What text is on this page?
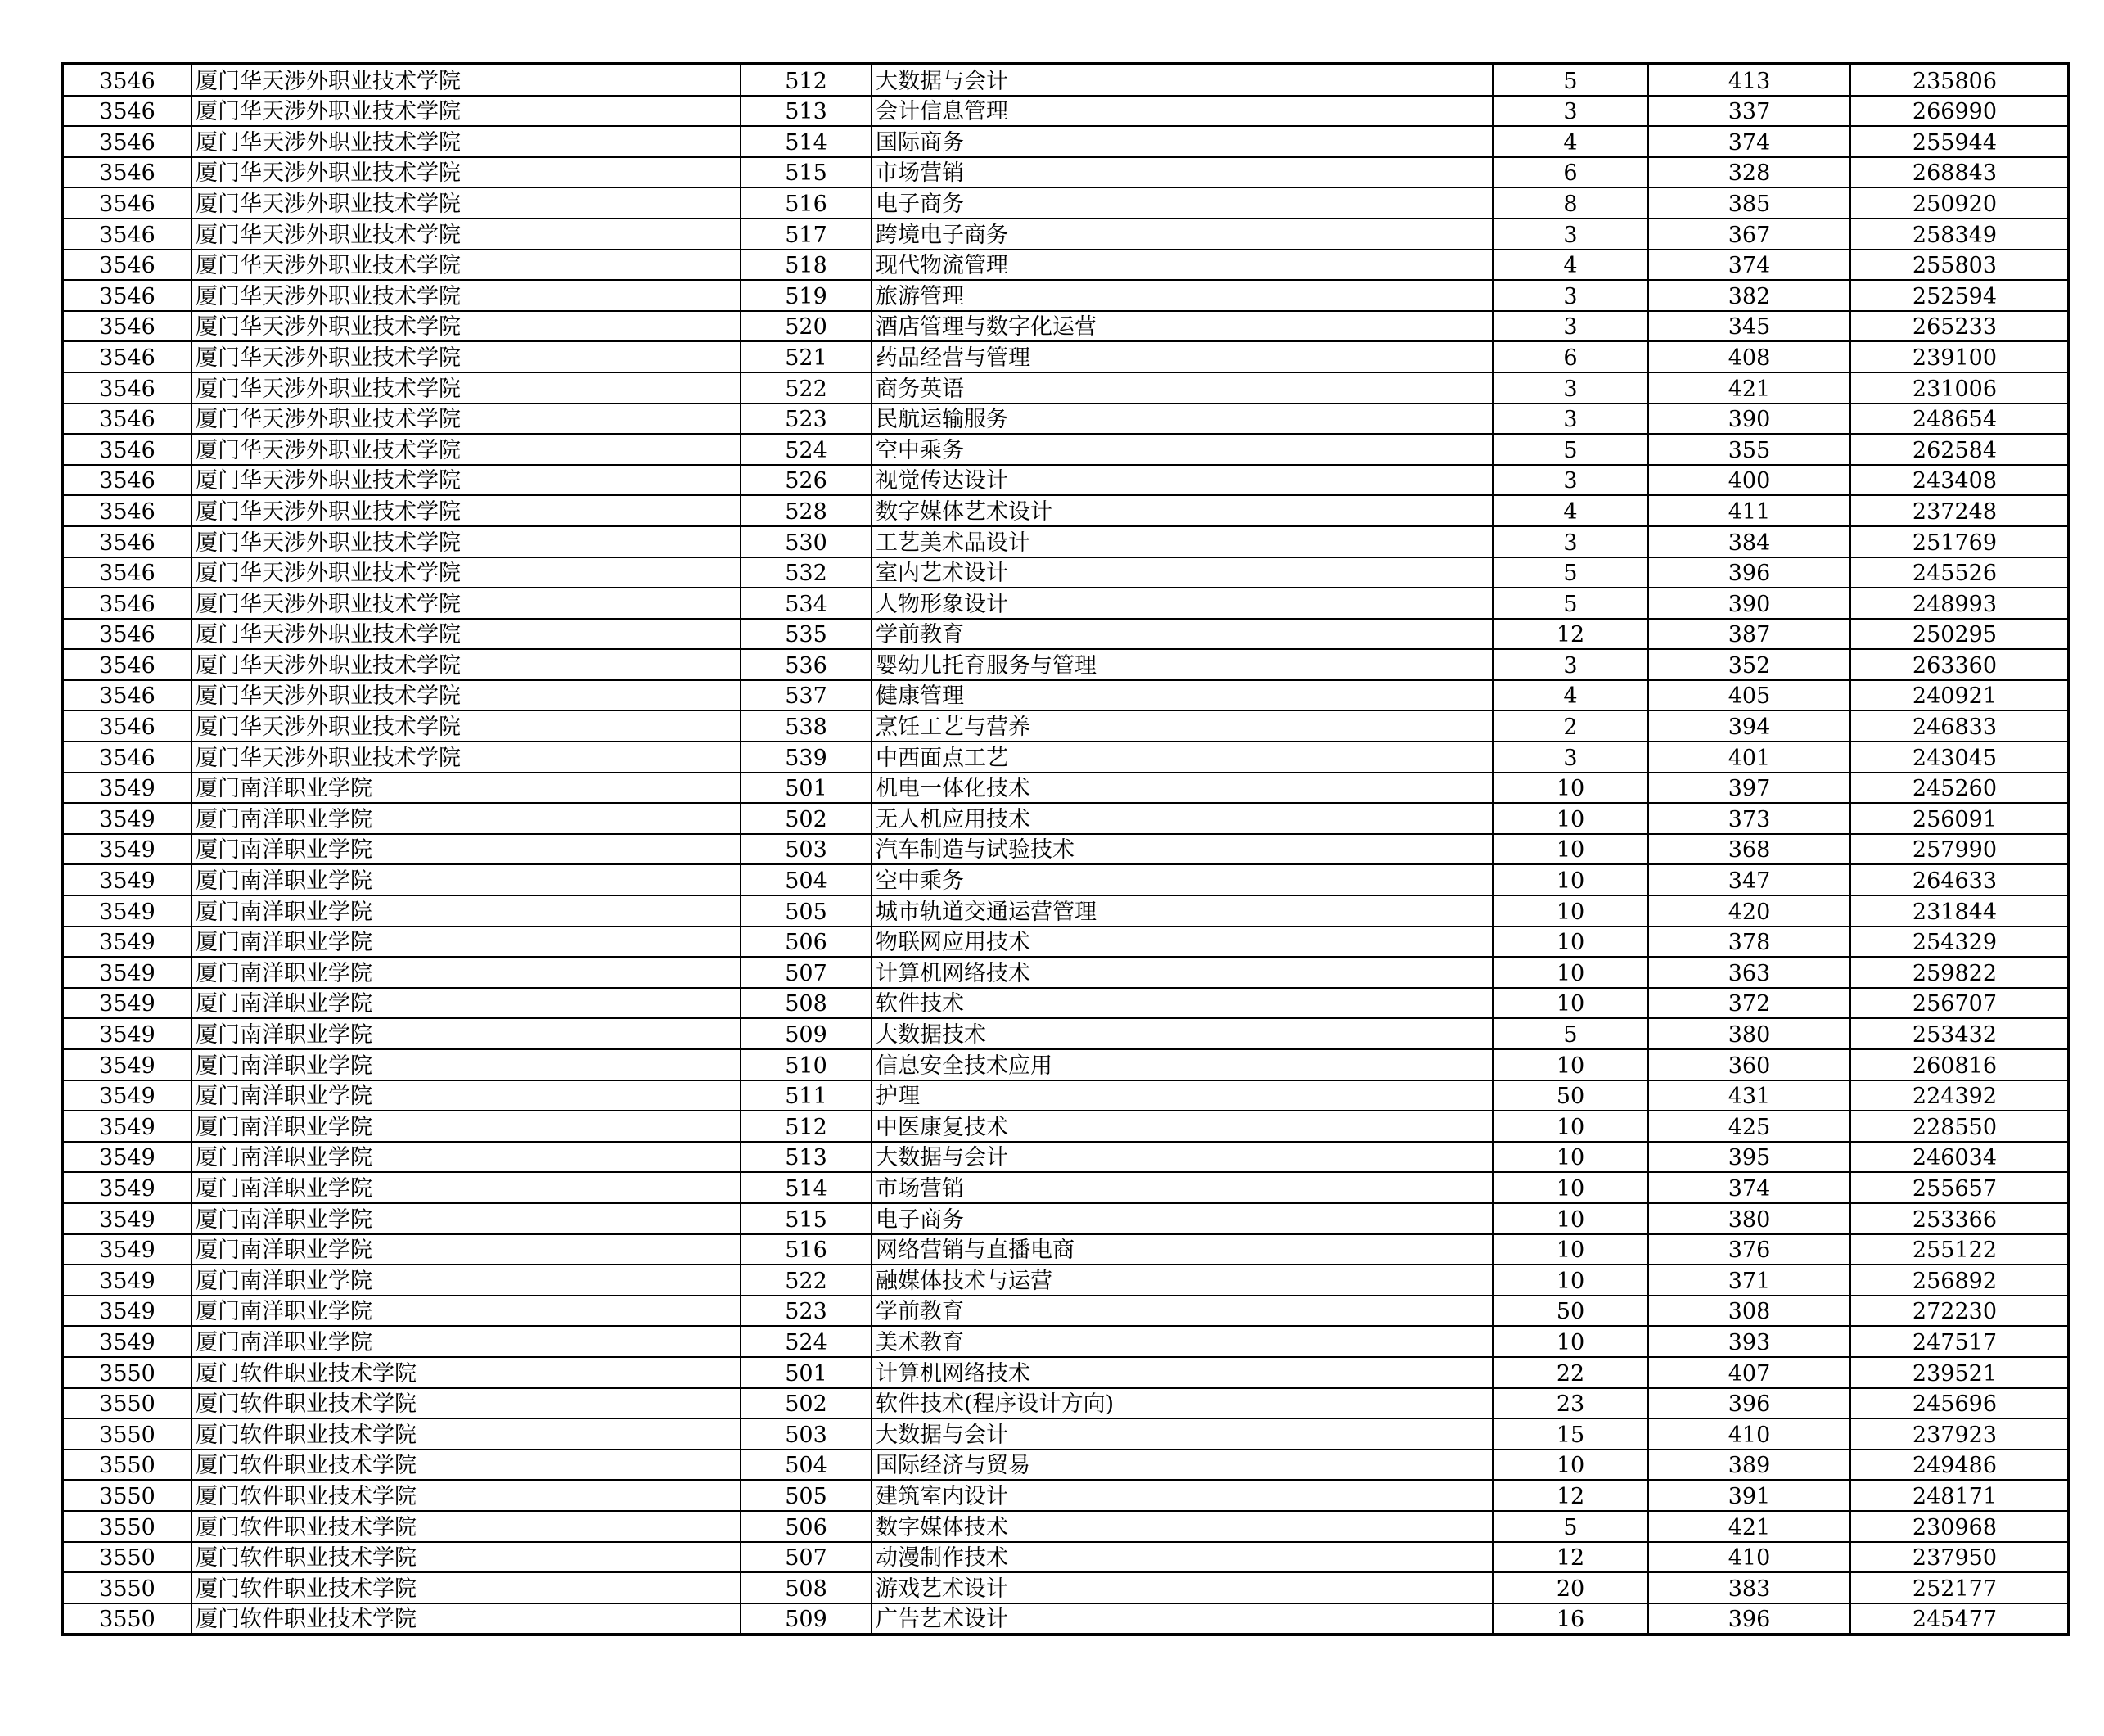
3546	厦门华天涉外职业技术学院	512	大数据与会计	5	413	235806
3546	厦门华天涉外职业技术学院	513	会计信息管理	3	337	266990
3546	厦门华天涉外职业技术学院	514	国际商务	4	374	255944
3546	厦门华天涉外职业技术学院	515	市场营销	6	328	268843
3546	厦门华天涉外职业技术学院	516	电子商务	8	385	250920
3546	厦门华天涉外职业技术学院	517	跨境电子商务	3	367	258349
3546	厦门华天涉外职业技术学院	518	现代物流管理	4	374	255803
3546	厦门华天涉外职业技术学院	519	旅游管理	3	382	252594
3546	厦门华天涉外职业技术学院	520	酒店管理与数字化运营	3	345	265233
3546	厦门华天涉外职业技术学院	521	药品经营与管理	6	408	239100
3546	厦门华天涉外职业技术学院	522	商务英语	3	421	231006
3546	厦门华天涉外职业技术学院	523	民航运输服务	3	390	248654
3546	厦门华天涉外职业技术学院	524	空中乘务	5	355	262584
3546	厦门华天涉外职业技术学院	526	视觉传达设计	3	400	243408
3546	厦门华天涉外职业技术学院	528	数字媒体艺术设计	4	411	237248
3546	厦门华天涉外职业技术学院	530	工艺美术品设计	3	384	251769
3546	厦门华天涉外职业技术学院	532	室内艺术设计	5	396	245526
3546	厦门华天涉外职业技术学院	534	人物形象设计	5	390	248993
3546	厦门华天涉外职业技术学院	535	学前教育	12	387	250295
3546	厦门华天涉外职业技术学院	536	婴幼儿托育服务与管理	3	352	263360
3546	厦门华天涉外职业技术学院	537	健康管理	4	405	240921
3546	厦门华天涉外职业技术学院	538	烹饪工艺与营养	2	394	246833
3546	厦门华天涉外职业技术学院	539	中西面点工艺	3	401	243045
3549	厦门南洋职业学院	501	机电一体化技术	10	397	245260
3549	厦门南洋职业学院	502	无人机应用技术	10	373	256091
3549	厦门南洋职业学院	503	汽车制造与试验技术	10	368	257990
3549	厦门南洋职业学院	504	空中乘务	10	347	264633
3549	厦门南洋职业学院	505	城市轨道交通运营管理	10	420	231844
3549	厦门南洋职业学院	506	物联网应用技术	10	378	254329
3549	厦门南洋职业学院	507	计算机网络技术	10	363	259822
3549	厦门南洋职业学院	508	软件技术	10	372	256707
3549	厦门南洋职业学院	509	大数据技术	5	380	253432
3549	厦门南洋职业学院	510	信息安全技术应用	10	360	260816
3549	厦门南洋职业学院	511	护理	50	431	224392
3549	厦门南洋职业学院	512	中医康复技术	10	425	228550
3549	厦门南洋职业学院	513	大数据与会计	10	395	246034
3549	厦门南洋职业学院	514	市场营销	10	374	255657
3549	厦门南洋职业学院	515	电子商务	10	380	253366
3549	厦门南洋职业学院	516	网络营销与直播电商	10	376	255122
3549	厦门南洋职业学院	522	融媒体技术与运营	10	371	256892
3549	厦门南洋职业学院	523	学前教育	50	308	272230
3549	厦门南洋职业学院	524	美术教育	10	393	247517
3550	厦门软件职业技术学院	501	计算机网络技术	22	407	239521
3550	厦门软件职业技术学院	502	软件技术(程序设计方向)	23	396	245696
3550	厦门软件职业技术学院	503	大数据与会计	15	410	237923
3550	厦门软件职业技术学院	504	国际经济与贸易	10	389	249486
3550	厦门软件职业技术学院	505	建筑室内设计	12	391	248171
3550	厦门软件职业技术学院	506	数字媒体技术	5	421	230968
3550	厦门软件职业技术学院	507	动漫制作技术	12	410	237950
3550	厦门软件职业技术学院	508	游戏艺术设计	20	383	252177
3550	厦门软件职业技术学院	509	广告艺术设计	16	396	245477
